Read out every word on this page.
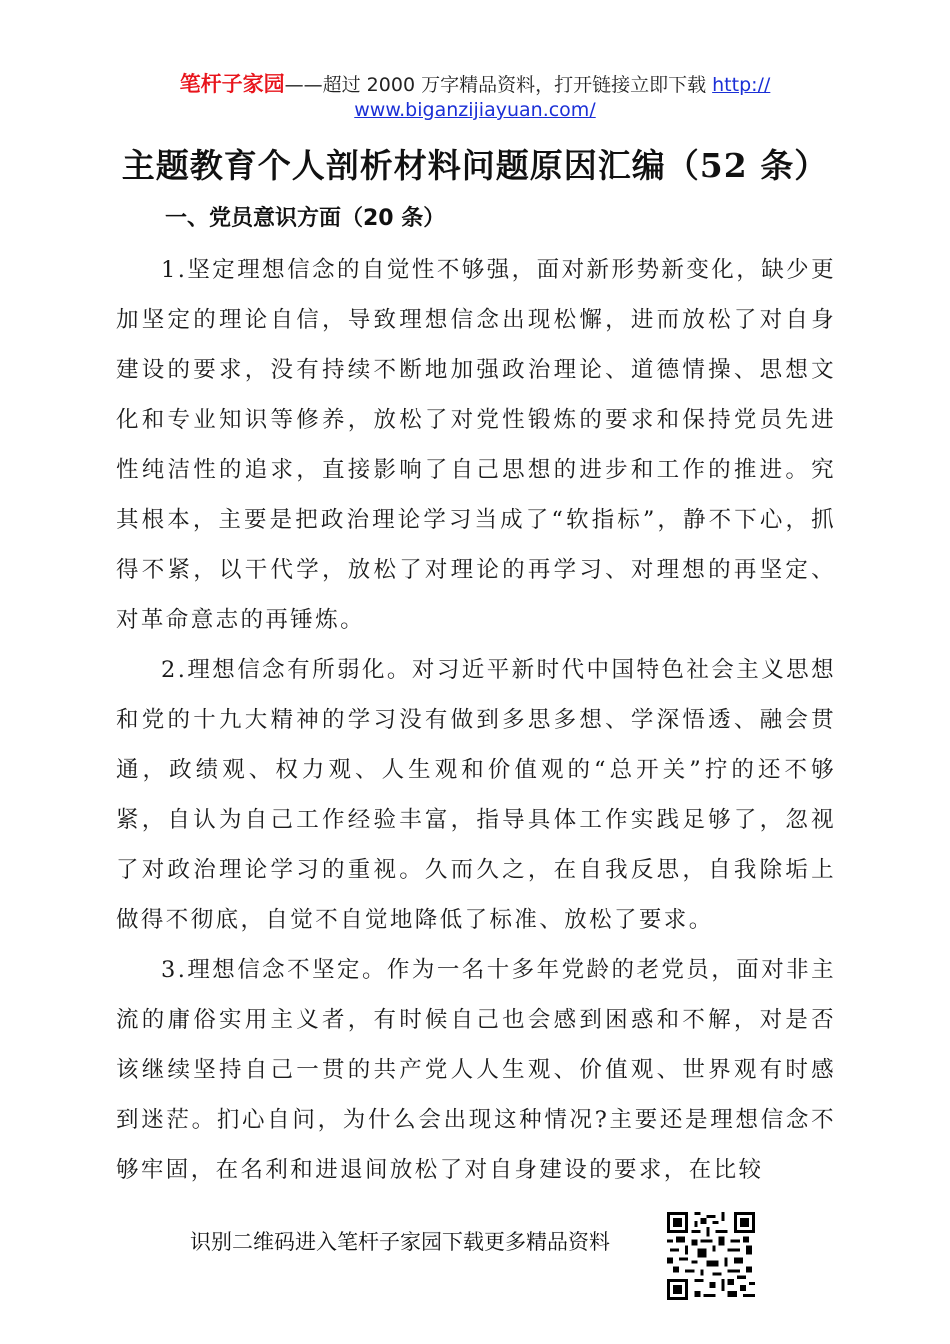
笔杆子家园——超过 2000 万字精品资料，打开链接立即下载 http://
www.biganzijiayuan.com/
主题教育个人剖析材料问题原因汇编（52 条）
一、党员意识方面（20 条）

1.坚定理想信念的自觉性不够强，面对新形势新变化，缺少更加坚定的理论自信，导致理想信念出现松懈，进而放松了对自身建设的要求，没有持续不断地加强政治理论、道德情操、思想文化和专业知识等修养，放松了对党性锻炼的要求和保持党员先进性纯洁性的追求，直接影响了自己思想的进步和工作的推进。究其根本，主要是把政治理论学习当成了“软指标”，静不下心，抓得不紧，以干代学，放松了对理论的再学习、对理想的再坚定、对革命意志的再锤炼。

2.理想信念有所弱化。对习近平新时代中国特色社会主义思想和党的十九大精神的学习没有做到多思多想、学深悟透、融会贯通，政绩观、权力观、人生观和价值观的“总开关”拧的还不够紧，自认为自己工作经验丰富，指导具体工作实践足够了，忽视了对政治理论学习的重视。久而久之，在自我反思，自我除垢上做得不彻底，自觉不自觉地降低了标准、放松了要求。

3.理想信念不坚定。作为一名十多年党龄的老党员，面对非主流的庸俗实用主义者，有时候自己也会感到困惑和不解，对是否该继续坚持自己一贯的共产党人人生观、价值观、世界观有时感到迷茫。扪心自问，为什么会出现这种情况?主要还是理想信念不够牢固，在名利和进退间放松了对自身建设的要求，在比较

识别二维码进入笔杆子家园下载更多精品资料
